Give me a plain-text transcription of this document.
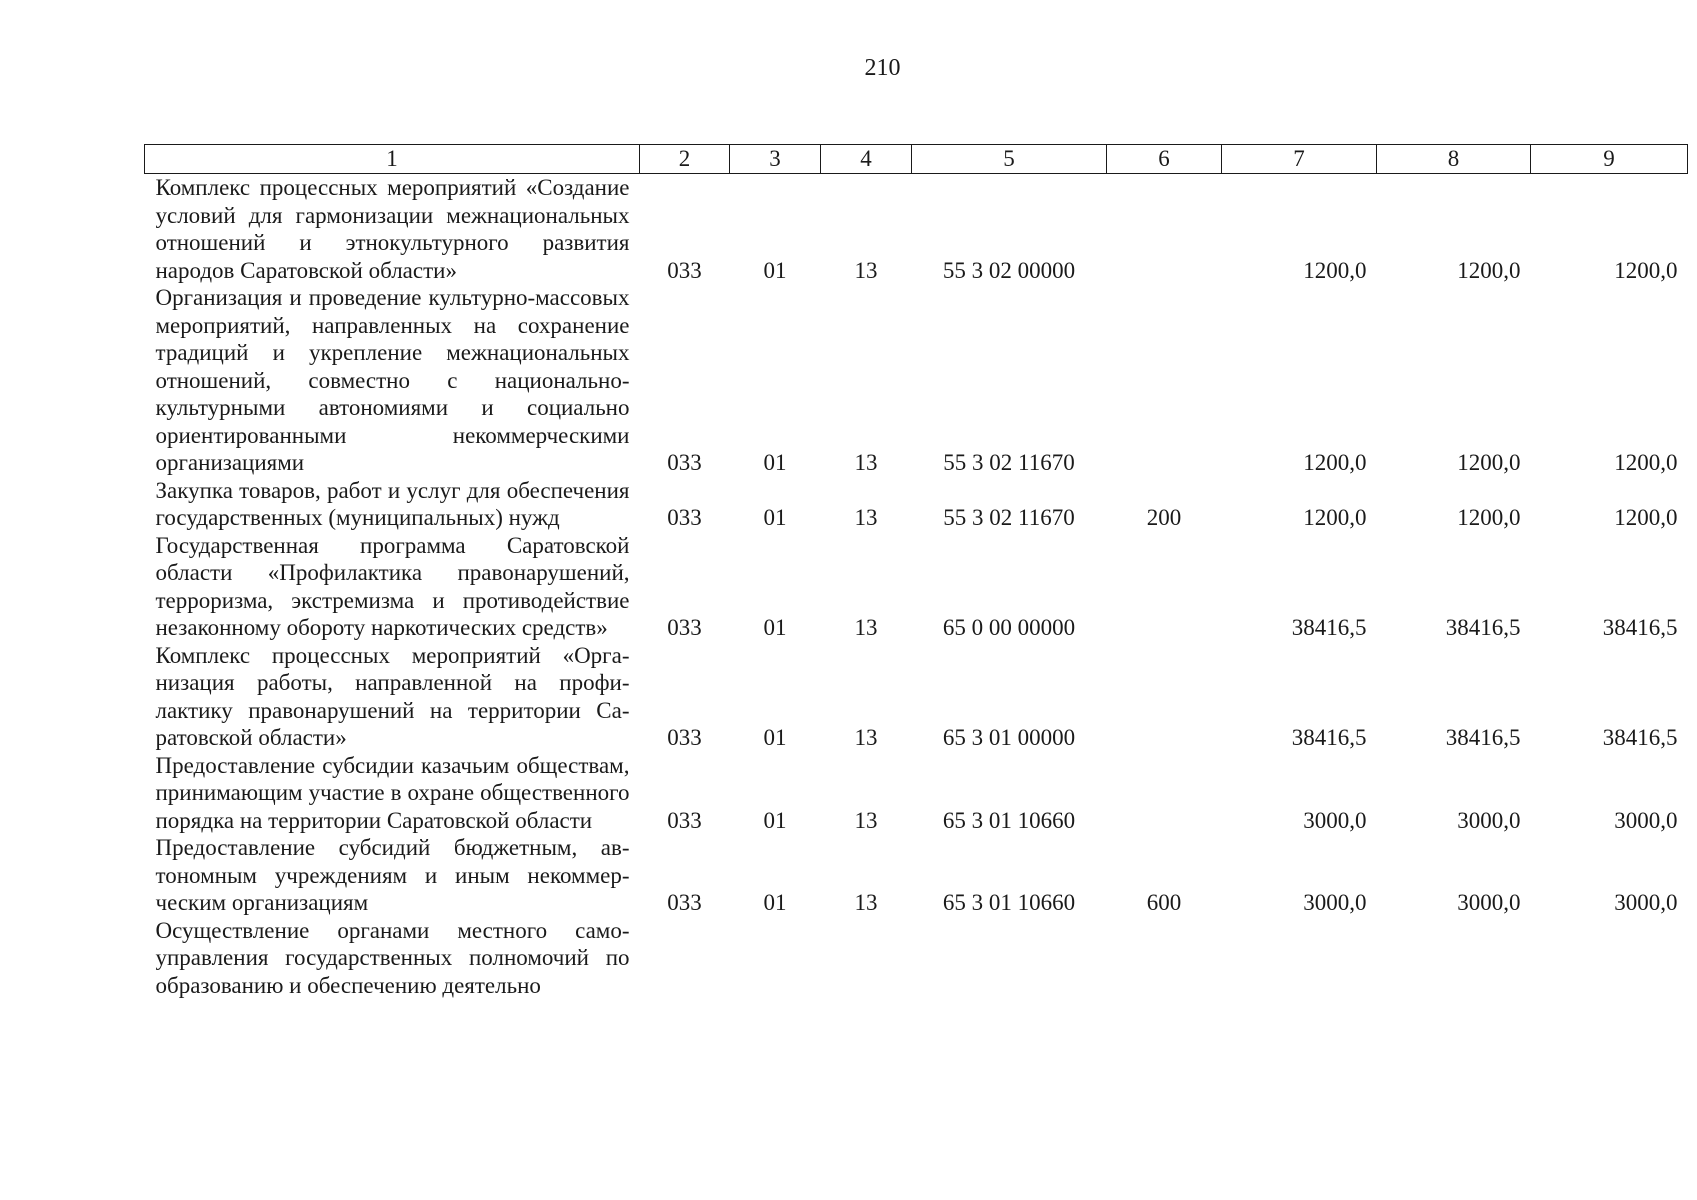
210
1	2	3	4	5	6	7	8	9
Комплекс процессных мероприятий «Создание условий для гармонизации межнациональных отношений и этнокультурного развития народов Саратовской области»	033	01	13	55 3 02 00000		1200,0	1200,0	1200,0
Организация и проведение культурно-массовых мероприятий, направленных на сохранение традиций и укрепление межнациональных отношений, совместно с национально-культурными автономиями и социально ориентированными некоммерческими организациями	033	01	13	55 3 02 11670		1200,0	1200,0	1200,0
Закупка товаров, работ и услуг для обеспечения государственных (муниципальных) нужд	033	01	13	55 3 02 11670	200	1200,0	1200,0	1200,0
Государственная программа Саратовской области «Профилактика правонарушений, терроризма, экстремизма и противодействие незаконному обороту наркотических средств»	033	01	13	65 0 00 00000		38416,5	38416,5	38416,5
Комплекс процессных мероприятий «Организация работы, направленной на профилактику правонарушений на территории Саратовской области»	033	01	13	65 3 01 00000		38416,5	38416,5	38416,5
Предоставление субсидии казачьим обществам, принимающим участие в охране общественного порядка на территории Саратовской области	033	01	13	65 3 01 10660		3000,0	3000,0	3000,0
Предоставление субсидий бюджетным, автономным учреждениям и иным некоммерческим организациям	033	01	13	65 3 01 10660	600	3000,0	3000,0	3000,0
Осуществление органами местного самоуправления государственных полномочий по образованию и обеспечению деятельно								
